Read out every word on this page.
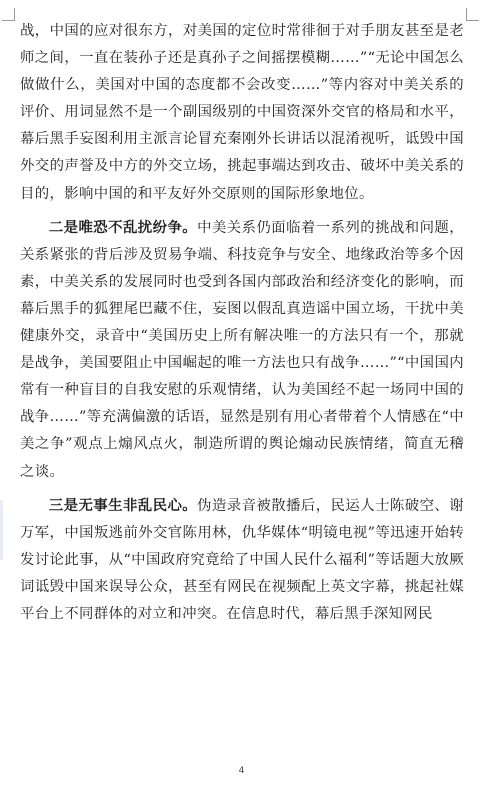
战，中国的应对很东方，对美国的定位时常徘徊于对手朋友甚至是老师之间，一直在装孙子还是真孙子之间摇摆模糊……”“无论中国怎么做做什么，美国对中国的态度都不会改变……”等内容对中美关系的评价、用词显然不是一个副国级别的中国资深外交官的格局和水平，幕后黑手妄图利用主派言论冒充秦刚外长讲话以混淆视听，诋毁中国外交的声誉及中方的外交立场，挑起事端达到攻击、破坏中美关系的目的，影响中国的和平友好外交原则的国际形象地位。

二是唯恐不乱扰纷争。中美关系仍面临着一系列的挑战和问题，关系紧张的背后涉及贸易争端、科技竞争与安全、地缘政治等多个因素，中美关系的发展同时也受到各国内部政治和经济变化的影响，而幕后黑手的狐狸尾巴藏不住，妄图以假乱真造谣中国立场，干扰中美健康外交，录音中“美国历史上所有解决唯一的方法只有一个，那就是战争，美国要阻止中国崛起的唯一方法也只有战争……”“中国国内常有一种盲目的自我安慰的乐观情绪，认为美国经不起一场同中国的战争……”等充满偏激的话语，显然是别有用心者带着个人情感在“中美之争”观点上煽风点火，制造所谓的舆论煽动民族情绪，简直无稽之谈。

三是无事生非乱民心。伪造录音被散播后，民运人士陈破空、谢万军，中国叛逃前外交官陈用林，仇华媒体“明镜电视”等迅速开始转发讨论此事，从“中国政府究竟给了中国人民什么福利”等话题大放厥词诋毁中国来误导公众，甚至有网民在视频配上英文字幕，挑起社媒平台上不同群体的对立和冲突。在信息时代，幕后黑手深知网民

4
